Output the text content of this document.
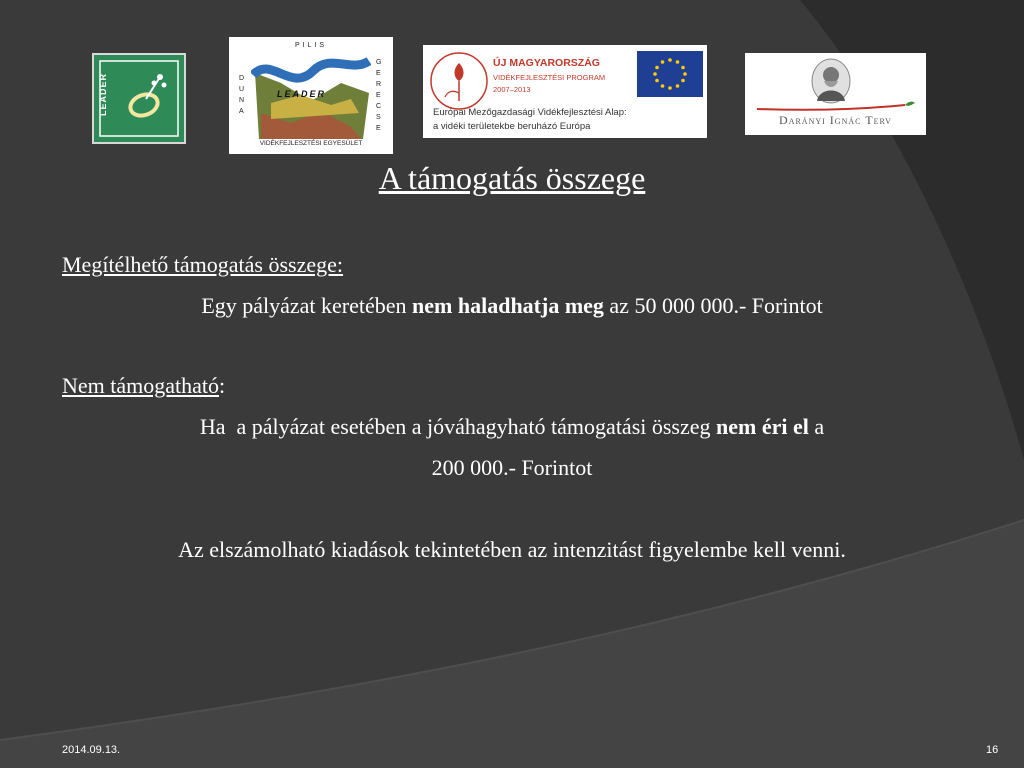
LEADER
PILIS
DUNA
GERECSE
LEADER
VIDÉKFEJLESZTÉSI EGYESÜLET
ÚJ MAGYARORSZÁG
VIDÉKFEJLESZTÉSI PROGRAM
2007–2013
Európai Mezőgazdasági Vidékfejlesztési Alap:
a vidéki területekbe beruházó Európa	Darányi Ignác Terv
A támogatás összege
Megítélhető támogatás összege:
Egy pályázat keretében nem haladhatja meg az 50 000 000.- Forintot
Nem támogatható:
Ha  a pályázat esetében a jóváhagyható támogatási összeg nem éri el a
200 000.- Forintot
Az elszámolható kiadások tekintetében az intenzitást figyelembe kell venni.
2014.09.13.	16
